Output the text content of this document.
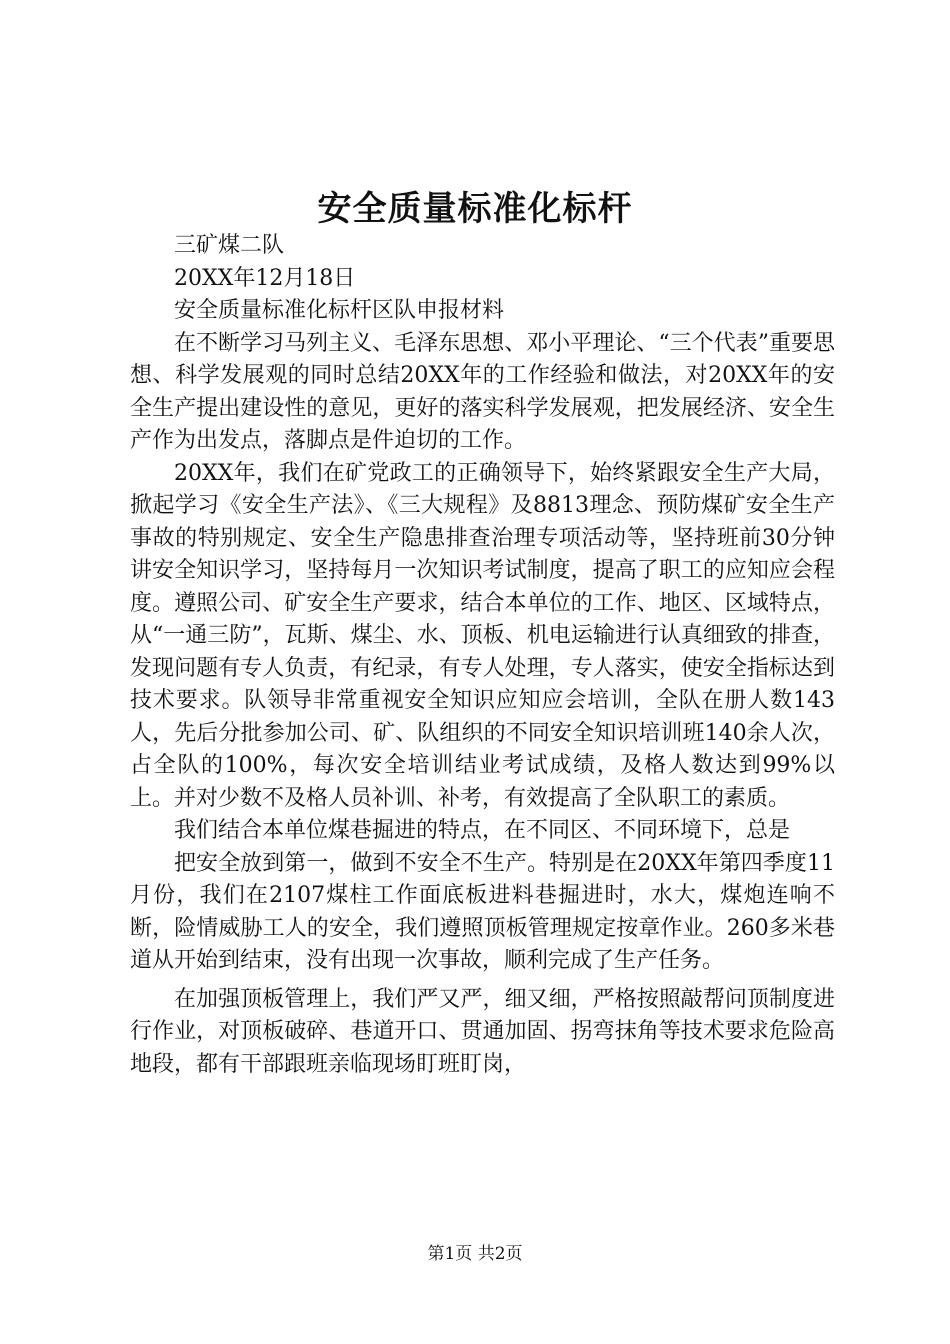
安全质量标准化标杆

三矿煤二队

20XX年12月18日

安全质量标准化标杆区队申报材料

在不断学习马列主义、毛泽东思想、邓小平理论、“三个代表”重要思想、科学发展观的同时总结20XX年的工作经验和做法，对20XX年的安全生产提出建设性的意见，更好的落实科学发展观，把发展经济、安全生产作为出发点，落脚点是件迫切的工作。

20XX年，我们在矿党政工的正确领导下，始终紧跟安全生产大局，掀起学习《安全生产法》、《三大规程》及8813理念、预防煤矿安全生产事故的特别规定、安全生产隐患排查治理专项活动等，坚持班前30分钟讲安全知识学习，坚持每月一次知识考试制度，提高了职工的应知应会程度。遵照公司、矿安全生产要求，结合本单位的工作、地区、区域特点，从“一通三防”，瓦斯、煤尘、水、顶板、机电运输进行认真细致的排查，发现问题有专人负责，有纪录，有专人处理，专人落实，使安全指标达到技术要求。队领导非常重视安全知识应知应会培训，全队在册人数143人，先后分批参加公司、矿、队组织的不同安全知识培训班140余人次，占全队的100%，每次安全培训结业考试成绩，及格人数达到99%以上。并对少数不及格人员补训、补考，有效提高了全队职工的素质。

我们结合本单位煤巷掘进的特点，在不同区、不同环境下，总是

把安全放到第一，做到不安全不生产。特别是在20XX年第四季度11月份，我们在2107煤柱工作面底板进料巷掘进时，水大，煤炮连响不断，险情威胁工人的安全，我们遵照顶板管理规定按章作业。260多米巷道从开始到结束，没有出现一次事故，顺利完成了生产任务。

在加强顶板管理上，我们严又严，细又细，严格按照敲帮问顶制度进行作业，对顶板破碎、巷道开口、贯通加固、拐弯抹角等技术要求危险高地段，都有干部跟班亲临现场盯班盯岗，

第1页 共2页
